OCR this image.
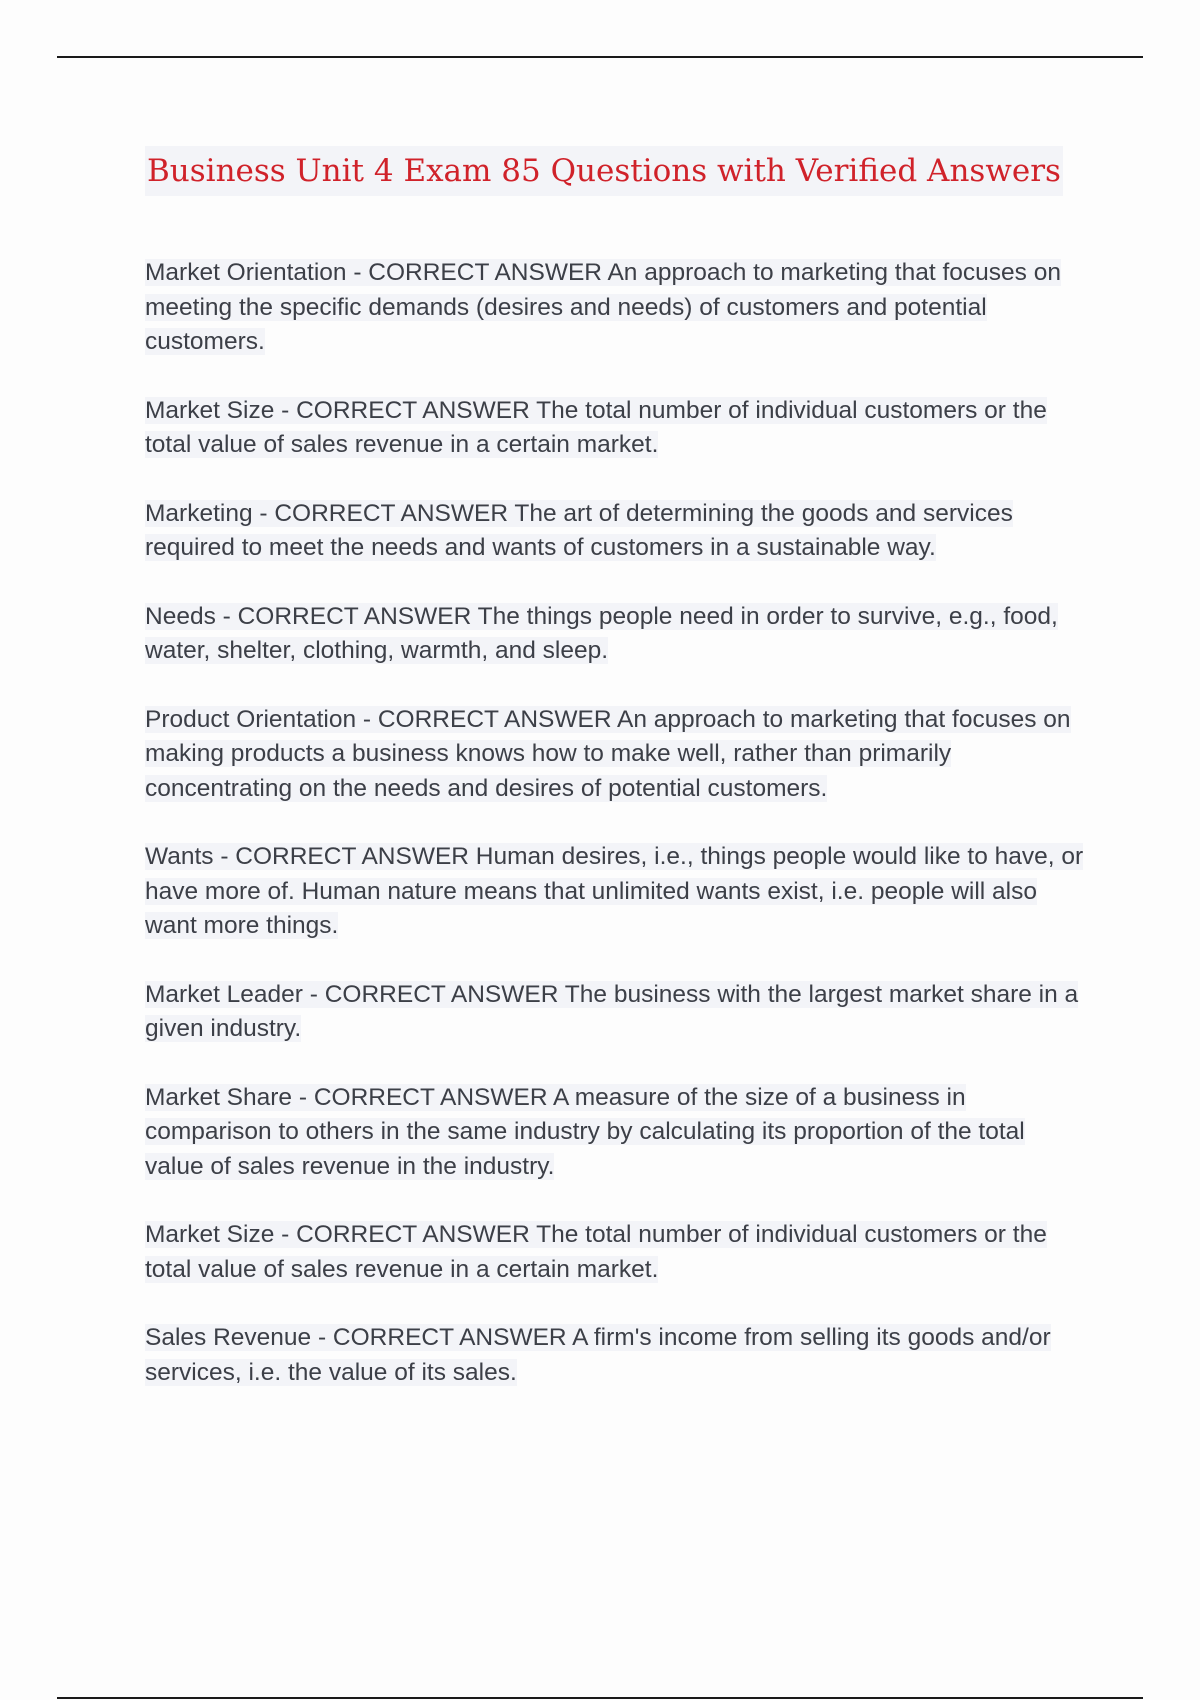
Business Unit 4 Exam 85 Questions with Verified Answers
Market Orientation - CORRECT ANSWER An approach to marketing that focuses on meeting the specific demands (desires and needs) of customers and potential customers.
Market Size - CORRECT ANSWER The total number of individual customers or the total value of sales revenue in a certain market.
Marketing - CORRECT ANSWER The art of determining the goods and services required to meet the needs and wants of customers in a sustainable way.
Needs - CORRECT ANSWER The things people need in order to survive, e.g., food, water, shelter, clothing, warmth, and sleep.
Product Orientation - CORRECT ANSWER An approach to marketing that focuses on making products a business knows how to make well, rather than primarily concentrating on the needs and desires of potential customers.
Wants - CORRECT ANSWER Human desires, i.e., things people would like to have, or have more of. Human nature means that unlimited wants exist, i.e. people will also want more things.
Market Leader - CORRECT ANSWER The business with the largest market share in a given industry.
Market Share - CORRECT ANSWER A measure of the size of a business in comparison to others in the same industry by calculating its proportion of the total value of sales revenue in the industry.
Market Size - CORRECT ANSWER The total number of individual customers or the total value of sales revenue in a certain market.
Sales Revenue - CORRECT ANSWER A firm's income from selling its goods and/or services, i.e. the value of its sales.
